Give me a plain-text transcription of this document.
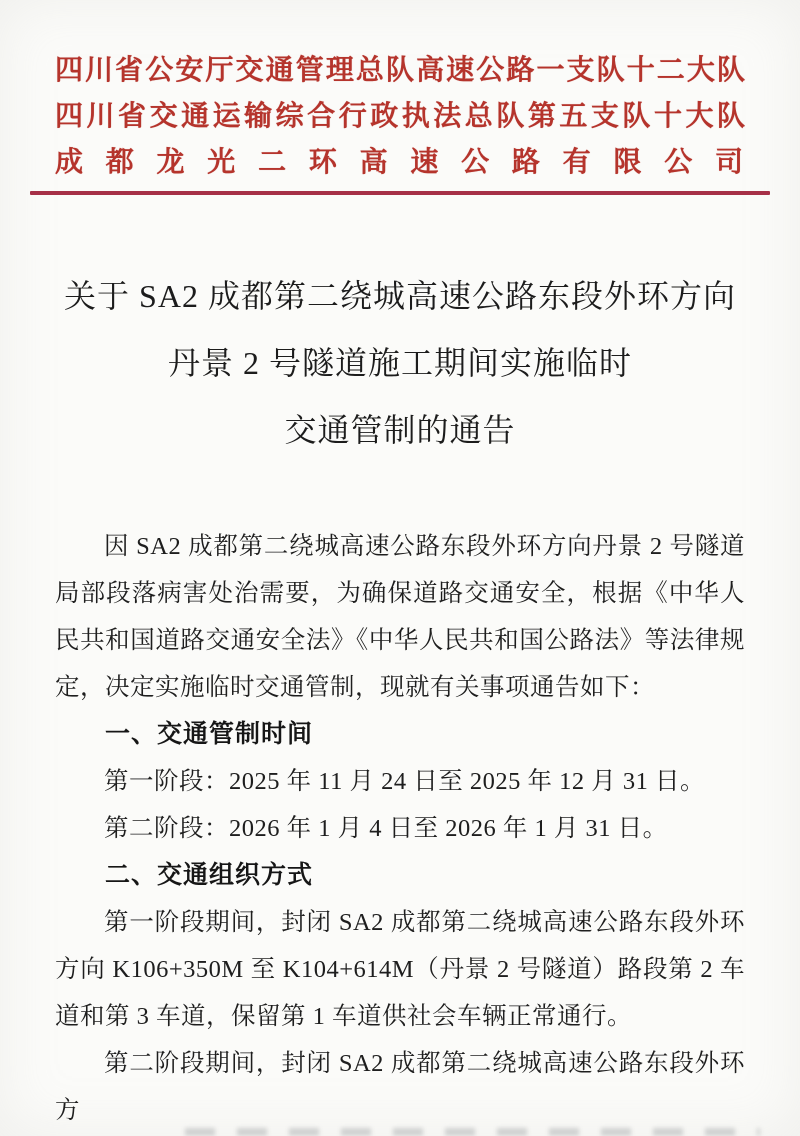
四川省公安厅交通管理总队高速公路一支队十二大队
四川省交通运输综合行政执法总队第五支队十大队
成都龙光二环高速公路有限公司
关于 SA2 成都第二绕城高速公路东段外环方向
丹景 2 号隧道施工期间实施临时
交通管制的通告

因 SA2 成都第二绕城高速公路东段外环方向丹景 2 号隧道局部段落病害处治需要，为确保道路交通安全，根据《中华人民共和国道路交通安全法》《中华人民共和国公路法》等法律规定，决定实施临时交通管制，现就有关事项通告如下：

一、交通管制时间

第一阶段：2025 年 11 月 24 日至 2025 年 12 月 31 日。

第二阶段：2026 年 1 月 4 日至 2026 年 1 月 31 日。

二、交通组织方式

第一阶段期间，封闭 SA2 成都第二绕城高速公路东段外环方向 K106+350M 至 K104+614M（丹景 2 号隧道）路段第 2 车道和第 3 车道，保留第 1 车道供社会车辆正常通行。

第二阶段期间，封闭 SA2 成都第二绕城高速公路东段外环方
